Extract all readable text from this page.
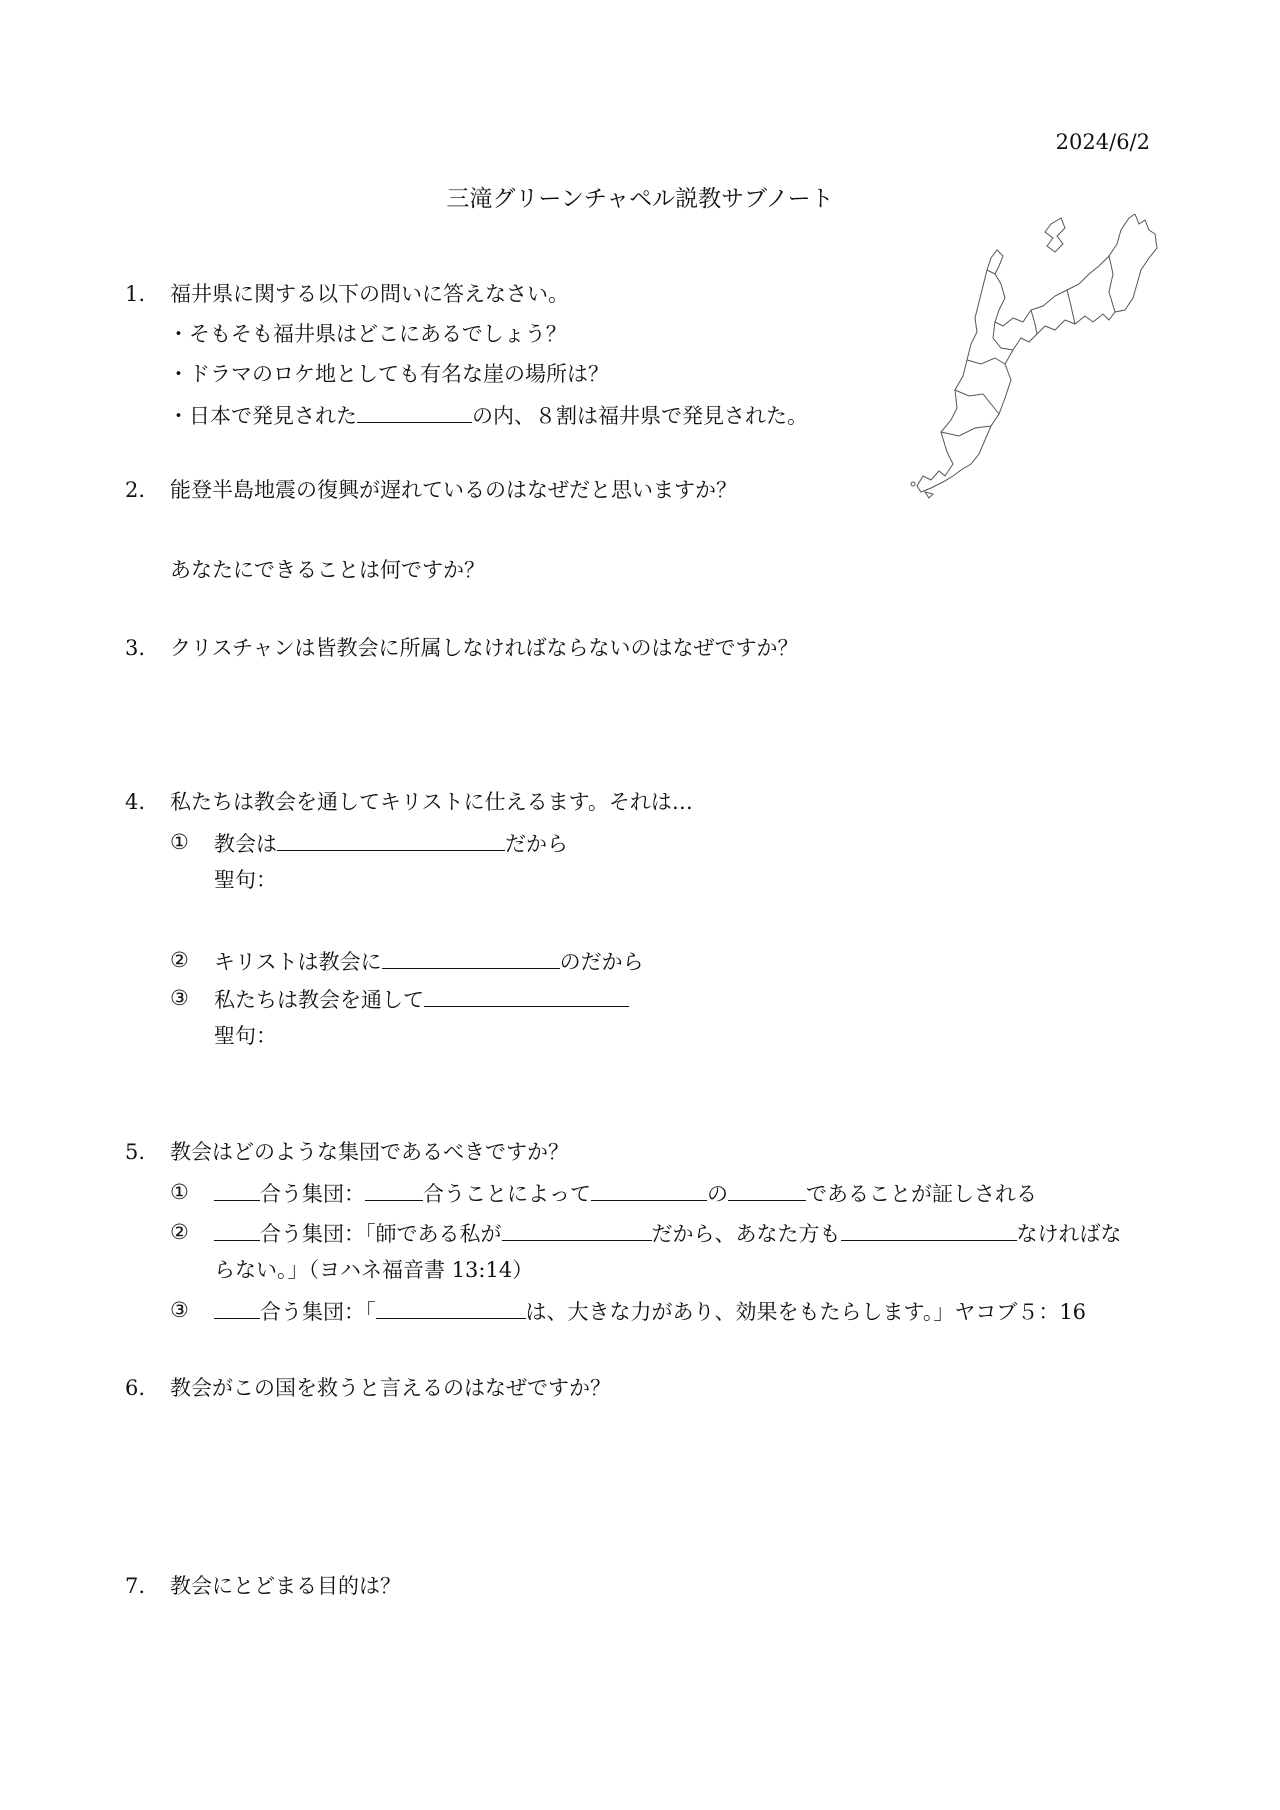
2024/6/2
三滝グリーンチャペル説教サブノート
1. 福井県に関する以下の問いに答えなさい。
・そもそも福井県はどこにあるでしょう？
・ドラマのロケ地としても有名な崖の場所は？
・日本で発見された	の内、８割は福井県で発見された。
2. 能登半島地震の復興が遅れているのはなぜだと思いますか？
あなたにできることは何ですか？
3. クリスチャンは皆教会に所属しなければならないのはなぜですか？
4. 私たちは教会を通してキリストに仕えるます。それは…
① 教会は	だから
聖句：
② キリストは教会に	のだから
③ 私たちは教会を通して
聖句：
5. 教会はどのような集団であるべきですか？
①	合う集団：	合うことによって	の	であることが証しされる
②	合う集団：「師である私が	だから、あなた方も	なければな
らない。」（ヨハネ福音書 13:14）
③	合う集団：「	は、大きな力があり、効果をもたらします。」ヤコブ５：16
6. 教会がこの国を救うと言えるのはなぜですか？
7. 教会にとどまる目的は？
